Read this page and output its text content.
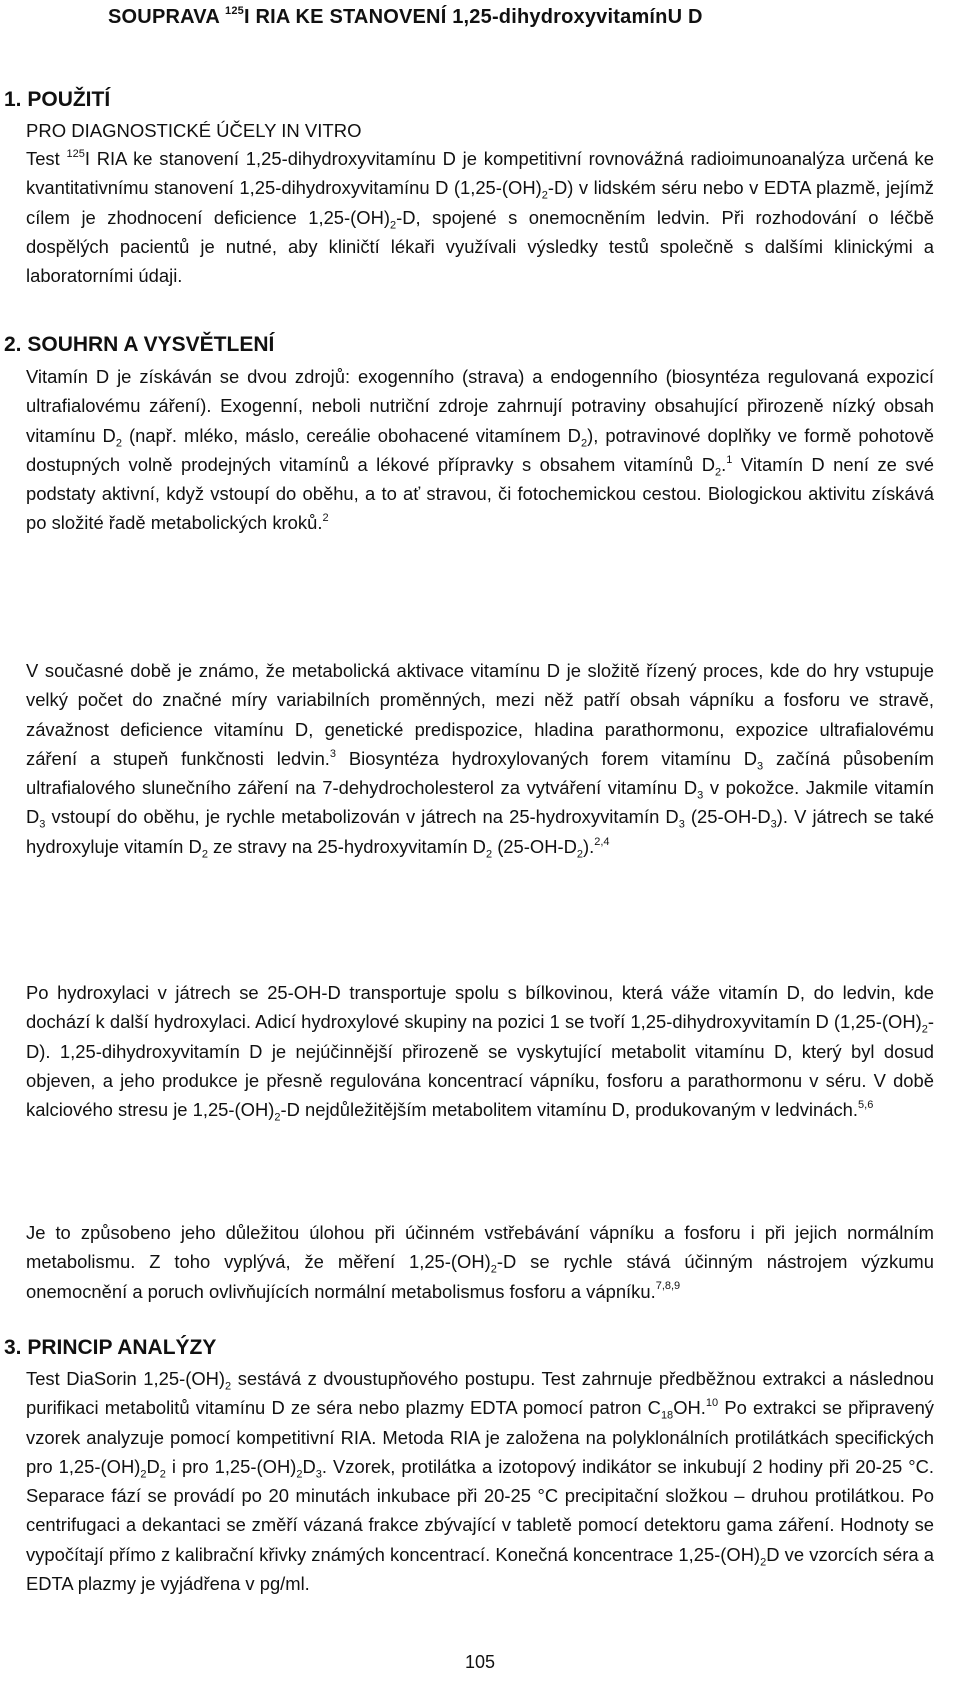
SOUPRAVA $^{125}$I RIA KE STANOVENÍ 1,25-dihydroxyvitamínU D
1. POUŽITÍ
PRO DIAGNOSTICKÉ ÚČELY IN VITRO

Test $^{125}$I RIA ke stanovení 1,25-dihydroxyvitamínu D je kompetitivní rovnovážná radioimunoanalýza určená ke kvantitativnímu stanovení 1,25-dihydroxyvitamínu D $(1,25-(OH)_2-D)$ v lidském séru nebo v EDTA plazmě, jejímž cílem je zhodnocení deficience $1,25-(OH)_2-D$, spojené s onemocněním ledvin. Při rozhodování o léčbě dospělých pacientů je nutné, aby kliničtí lékaři využívali výsledky testů společně s dalšími klinickými a laboratorními údaji.

2. SOUHRN A VYSVĚTLENÍ

Vitamín D je získáván se dvou zdrojů: exogenního (strava) a endogenního (biosyntéza regulovaná expozicí ultrafialovému záření). Exogenní, neboli nutriční zdroje zahrnují potraviny obsahující přirozeně nízký obsah vitamínu $D_2$ (např. mléko, máslo, cereálie obohacené vitamínem $D_2$), potravinové doplňky ve formě pohotově dostupných volně prodejných vitamínů a lékové přípravky s obsahem vitamínů $D_2.^1$ Vitamín D není ze své podstaty aktivní, když vstoupí do oběhu, a to ať stravou, či fotochemickou cestou. Biologickou aktivitu získává po složité řadě metabolických kroků.$^2$

V současné době je známo, že metabolická aktivace vitamínu D je složitě řízený proces, kde do hry vstupuje velký počet do značné míry variabilních proměnných, mezi něž patří obsah vápníku a fosforu ve stravě, závažnost deficience vitamínu D, genetické predispozice, hladina parathormonu, expozice ultrafialovému záření a stupeň funkčnosti ledvin.$^3$ Biosyntéza hydroxylovaných forem vitamínu $D_3$ začíná působením ultrafialového slunečního záření na 7-dehydrocholesterol za vytváření vitamínu $D_3$ v pokožce. Jakmile vitamín $D_3$ vstoupí do oběhu, je rychle metabolizován v játrech na 25-hydroxyvitamín $D_3$ $(25-OH-D_3)$. V játrech se také hydroxyluje vitamín $D_2$ ze stravy na 25-hydroxyvitamín $D_2$ $(25-OH-D_2).^{2,4}$

Po hydroxylaci v játrech se 25-OH-D transportuje spolu s bílkovinou, která váže vitamín D, do ledvin, kde dochází k další hydroxylaci. Adicí hydroxylové skupiny na pozici 1 se tvoří 1,25-dihydroxyvitamín D $(1,25-(OH)_2-D)$. 1,25-dihydroxyvitamín D je nejúčinnější přirozeně se vyskytující metabolit vitamínu D, který byl dosud objeven, a jeho produkce je přesně regulována koncentrací vápníku, fosforu a parathormonu v séru. V době kalciového stresu je $1,25-(OH)_2-D$ nejdůležitějším metabolitem vitamínu D, produkovaným v ledvinách.$^{5,6}$

Je to způsobeno jeho důležitou úlohou při účinném vstřebávání vápníku a fosforu i při jejich normálním metabolismu. Z toho vyplývá, že měření $1,25-(OH)_2-D$ se rychle stává účinným nástrojem výzkumu onemocnění a poruch ovlivňujících normální metabolismus fosforu a vápníku.$^{7,8,9}$

3. PRINCIP ANALÝZY

Test DiaSorin $1,25-(OH)_2$ sestává z dvoustupňového postupu. Test zahrnuje předběžnou extrakci a následnou purifikaci metabolitů vitamínu D ze séra nebo plazmy EDTA pomocí patron $C_{18}OH.^{10}$ Po extrakci se připravený vzorek analyzuje pomocí kompetitivní RIA. Metoda RIA je založena na polyklonálních protilátkách specifických pro $1,25-(OH)_2D_2$ i pro $1,25-(OH)_2D_3$. Vzorek, protilátka a izotopový indikátor se inkubují 2 hodiny při 20-25 °C. Separace fází se provádí po 20 minutách inkubace při 20-25 °C precipitační složkou – druhou protilátkou. Po centrifugaci a dekantaci se změří vázaná frakce zbývající v tabletě pomocí detektoru gama záření. Hodnoty se vypočítají přímo z kalibrační křivky známých koncentrací. Konečná koncentrace $1,25-(OH)_2D$ ve vzorcích séra a EDTA plazmy je vyjádřena v pg/ml.

105
